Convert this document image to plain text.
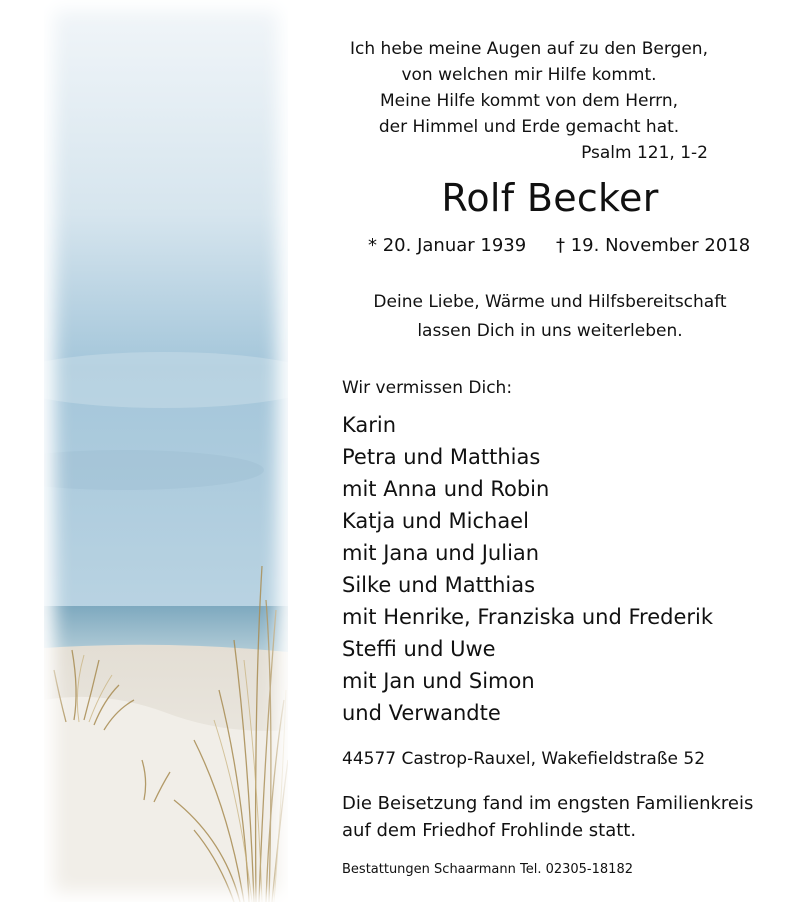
Ich hebe meine Augen auf zu den Bergen,
von welchen mir Hilfe kommt.
Meine Hilfe kommt von dem Herrn,
der Himmel und Erde gemacht hat.
Psalm 121, 1-2
Rolf Becker
* 20. Januar 1939 † 19. November 2018
Deine Liebe, Wärme und Hilfsbereitschaft
lassen Dich in uns weiterleben.
Wir vermissen Dich:
Karin
Petra und Matthias
mit Anna und Robin
Katja und Michael
mit Jana und Julian
Silke und Matthias
mit Henrike, Franziska und Frederik
Steffi und Uwe
mit Jan und Simon
und Verwandte
44577 Castrop-Rauxel, Wakefieldstraße 52
Die Beisetzung fand im engsten Familienkreis
auf dem Friedhof Frohlinde statt.
Bestattungen Schaarmann Tel. 02305-18182
